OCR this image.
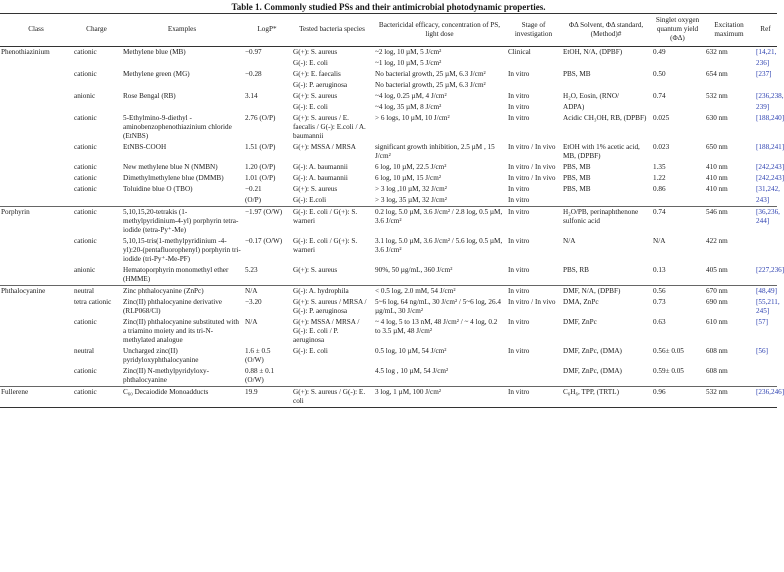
Table 1. Commonly studied PSs and their antimicrobial photodynamic properties.
Class	Charge	Examples	LogP*	Tested bacteria species	Bactericidal efficacy, concentration of PS, light dose	Stage of investigation	ΦΔ Solvent, ΦΔ standard, (Method)#	Singlet oxygen quantum yield (ΦΔ)	Excitation maximum	Ref
Phenothiazinium	cationic	Methylene blue (MB)	−0.97	G(+): S. aureus	~2 log, 10 µM, 5 J/cm²	Clinical	EtOH, N/A, (DPBF)	0.49	632 nm	[14,21,
				G(-): E. coli	~1 log, 10 µM, 5 J/cm²					236]
	cationic	Methylene green (MG)	−0.28	G(+): E. faecalis	No bacterial growth, 25 µM, 6.3 J/cm²	In vitro	PBS, MB	0.50	654 nm	[237]
				G(-): P. aeruginosa	No bacterial growth, 25 µM, 6.3 J/cm²					
	anionic	Rose Bengal (RB)	3.14	G(+): S. aureus	~4 log, 0.25 µM, 4 J/cm²	In vitro	H₂O, Eosin, (RNO/	0.74	532 nm	[236,238,
				G(-): E. coli	~4 log, 35 µM, 8 J/cm²	In vitro	ADPA)			239]
	cationic	5-Ethylmino-9-diethyl -aminobenzophenothiazinium chloride (EtNBS)	2.76 (O/P)	G(+): S. aureus / E. faecalis / G(-): E.coli / A. baumannii	> 6 logs, 10 µM, 10 J/cm²	In vitro	Acidic CH₃OH, RB, (DPBF)	0.025	630 nm	[188,240]
	cationic	EtNBS-COOH	1.51 (O/P)	G(+): MSSA / MRSA	significant growth inhibition, 2.5 µM , 15 J/cm²	In vitro / In vivo	EtOH with 1% acetic acid, MB, (DPBF)	0.023	650 nm	[188,241]
	cationic	New methylene blue N (NMBN)	1.20 (O/P)	G(-): A. baumannii	6 log, 10 µM, 22.5 J/cm²	In vitro / In vivo	PBS, MB	1.35	410 nm	[242,243]
	cationic	Dimethylmethylene blue (DMMB)	1.01 (O/P)	G(-): A. baumannii	6 log, 10 µM, 15 J/cm²	In vitro / In vivo	PBS, MB	1.22	410 nm	[242,243]
	cationic	Toluidine blue O (TBO)	−0.21	G(+): S. aureus	> 3 log ,10 µM, 32 J/cm²	In vitro	PBS, MB	0.86	410 nm	[31,242,
			(O/P)	G(-): E.coli	> 3 log, 35 µM, 32 J/cm²	In vitro				243]
Porphyrin	cationic	5,10,15,20-tetrakis (1-methylpyridinium-4-yl) porphyrin tetra-iodide (tetra-Py⁺-Me)	−1.97 (O/W)	G(-): E. coli / G(+): S. warneri	0.2 log, 5.0 µM, 3.6 J/cm² / 2.8 log, 0.5 µM, 3.6 J/cm²	In vitro	H₂O/PB, perinaphthenone sulfonic acid	0.74	546 nm	[36,236, 244]
	cationic	5,10,15-tris(1-methylpyridinium -4-yl):20-(pentafluorophenyl) porphyrin tri-iodide (tri-Py⁺-Me-PF)	−0.17 (O/W)	G(-): E. coli / G(+): S. warneri	3.1 log, 5.0 µM, 3.6 J/cm² / 5.6 log, 0.5 µM, 3.6 J/cm²	In vitro	N/A	N/A	422 nm	
	anionic	Hematoporphyrin monomethyl ether (HMME)	5.23	G(+): S. aureus	90%, 50 µg/mL, 360 J/cm²	In vitro	PBS, RB	0.13	405 nm	[227,236]
Phthalocyanine	neutral	Zinc phthalocyanine (ZnPc)	N/A	G(-): A. hydrophila	< 0.5 log, 2.0 mM, 54 J/cm²	In vitro	DMF, N/A, (DPBF)	0.56	670 nm	[48,49]
	tetra cationic	Zinc(II) phthalocyanine derivative (RLP068/Cl)	−3.20	G(+): S. aureus / MRSA / G(-): P. aeruginosa	5~6 log, 64 ng/mL, 30 J/cm² / 5~6 log, 26.4 µg/mL, 30 J/cm²	In vitro / In vivo	DMA, ZnPc	0.73	690 nm	[55,211, 245]
	cationic	Zinc(II) phthalocyanine substituted with a triamino moiety and its tri-N-methylated analogue	N/A	G(+): MSSA / MRSA / G(-): E. coli / P. aeruginosa	~ 4 log, 5 to 13 nM, 48 J/cm² / ~ 4 log, 0.2 to 3.5 µM, 48 J/cm²	In vitro	DMF, ZnPc	0.63	610 nm	[57]
	neutral	Uncharged zinc(II) pyridyloxyphthalocyanine	1.6 ± 0.5 (O/W)	G(-): E. coli	0.5 log, 10 µM, 54 J/cm²	In vitro	DMF, ZnPc, (DMA)	0.56± 0.05	608 nm	[56]
	cationic	Zinc(II) N-methylpyridyloxy-phthalocyanine	0.88 ± 0.1 (O/W)		4.5 log , 10 µM, 54 J/cm²		DMF, ZnPc, (DMA)	0.59± 0.05	608 nm	
Fullerene	cationic	C₆₀ Decaiodide Monoadducts	19.9	G(+): S. aureus / G(-): E. coli	3 log, 1 µM, 100 J/cm²	In vitro	C₆H₆, TPP, (TRTL)	0.96	532 nm	[236,246]
